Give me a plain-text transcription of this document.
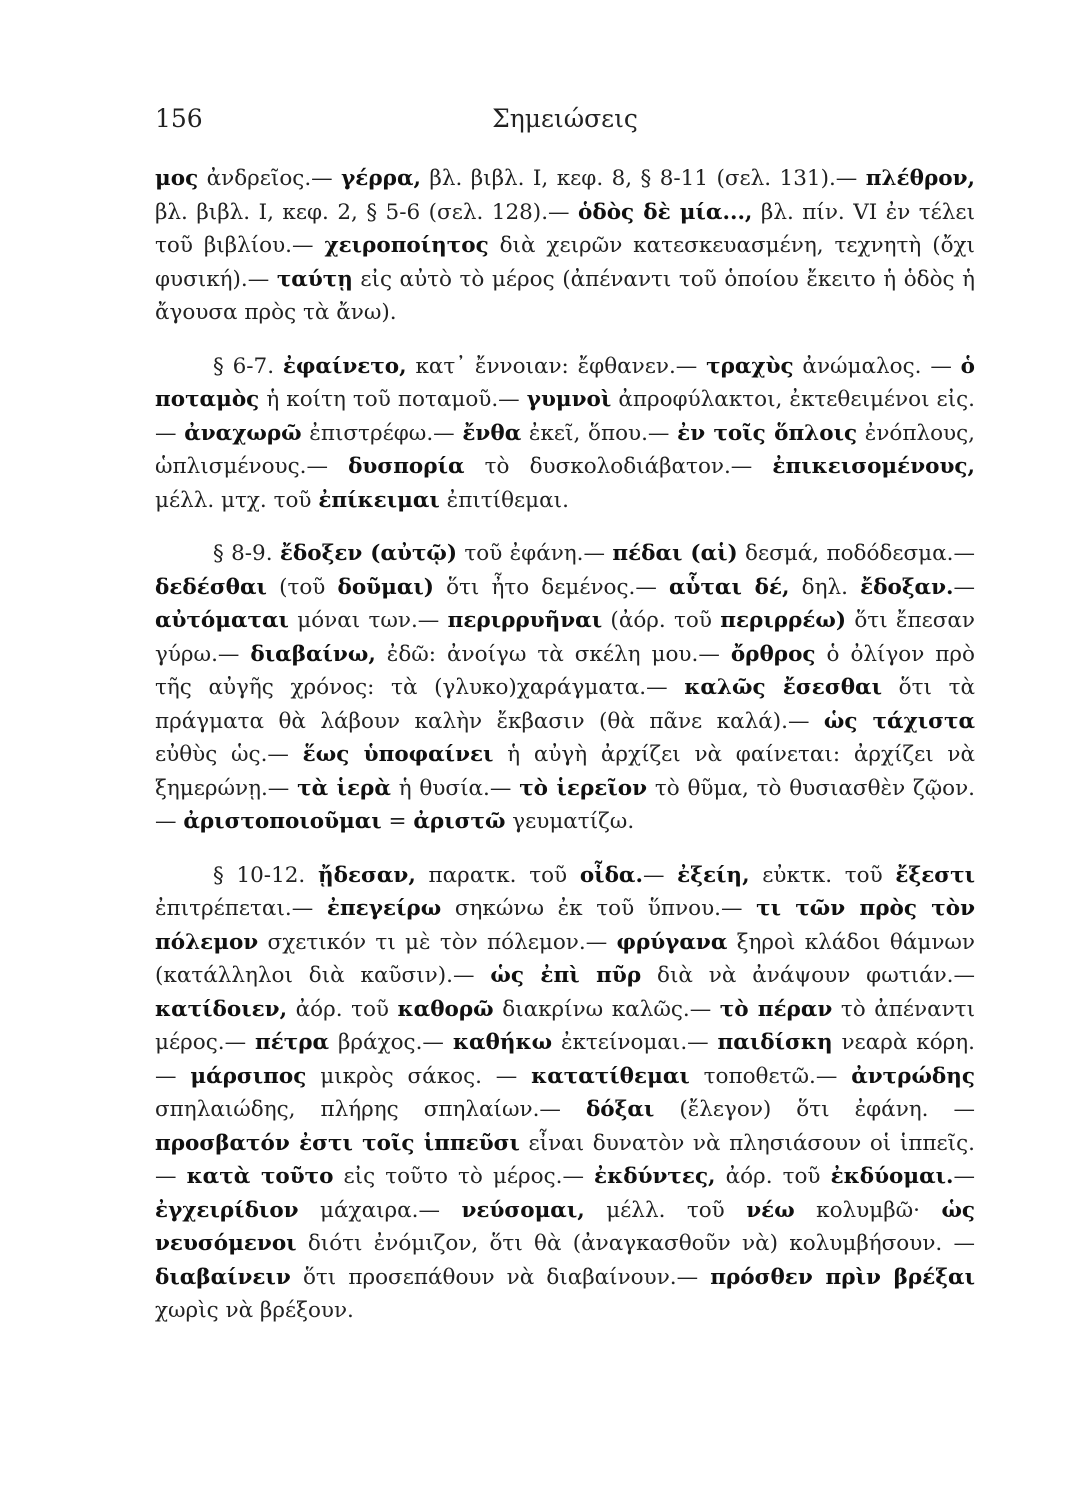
156	Σημειώσεις

μος ἀνδρεῖος.— γέρρα, βλ. βιβλ. I, κεφ. 8, § 8-11 (σελ. 131).— πλέθρον, βλ. βιβλ. I, κεφ. 2, § 5-6 (σελ. 128).— ὁδὸς δὲ μία..., βλ. πίν. VI ἐν τέλει τοῦ βιβλίου.— χειροποίητος διὰ χειρῶν κατεσκευασμένη, τεχνητὴ (ὄχι φυσική).— ταύτῃ εἰς αὐτὸ τὸ μέρος (ἀπέναντι τοῦ ὁποίου ἔκειτο ἡ ὁδὸς ἡ ἄγουσα πρὸς τὰ ἄνω).

§ 6-7. ἐφαίνετο, κατ᾽ ἔννοιαν: ἔφθανεν.— τραχὺς ἀνώμαλος. — ὁ ποταμὸς ἡ κοίτη τοῦ ποταμοῦ.— γυμνοὶ ἀπροφύλακτοι, ἐκτεθειμένοι εἰς.— ἀναχωρῶ ἐπιστρέφω.— ἔνθα ἐκεῖ, ὅπου.— ἐν τοῖς ὅπλοις ἐνόπλους, ὡπλισμένους.— δυσπορία τὸ δυσκολοδιάβατον.— ἐπικεισομένους, μέλλ. μτχ. τοῦ ἐπίκειμαι ἐπιτίθεμαι.

§ 8-9. ἔδοξεν (αὐτῷ) τοῦ ἐφάνη.— πέδαι (αἱ) δεσμά, ποδόδεσμα.— δεδέσθαι (τοῦ δοῦμαι) ὅτι ἦτο δεμένος.— αὗται δέ, δηλ. ἔδοξαν.— αὐτόμαται μόναι των.— περιρρυῆναι (ἀόρ. τοῦ περιρρέω) ὅτι ἔπεσαν γύρω.— διαβαίνω, ἐδῶ: ἀνοίγω τὰ σκέλη μου.— ὄρθρος ὁ ὀλίγον πρὸ τῆς αὐγῆς χρόνος: τὰ (γλυκο)χαράγματα.— καλῶς ἔσεσθαι ὅτι τὰ πράγματα θὰ λάβουν καλὴν ἔκβασιν (θὰ πᾶνε καλά).— ὡς τάχιστα εὐθὺς ὡς.— ἕως ὑποφαίνει ἡ αὐγὴ ἀρχίζει νὰ φαίνεται: ἀρχίζει νὰ ξημερώνῃ.— τὰ ἱερὰ ἡ θυσία.— τὸ ἱερεῖον τὸ θῦμα, τὸ θυσιασθὲν ζῷον.— ἀριστοποιοῦμαι = ἀριστῶ γευματίζω.

§ 10-12. ᾔδεσαν, παρατκ. τοῦ οἶδα.— ἐξείη, εὐκτκ. τοῦ ἔξεστι ἐπιτρέπεται.— ἐπεγείρω σηκώνω ἐκ τοῦ ὕπνου.— τι τῶν πρὸς τὸν πόλεμον σχετικόν τι μὲ τὸν πόλεμον.— φρύγανα ξηροὶ κλάδοι θάμνων (κατάλληλοι διὰ καῦσιν).— ὡς ἐπὶ πῦρ διὰ νὰ ἀνάψουν φωτιάν.— κατίδοιεν, ἀόρ. τοῦ καθορῶ διακρίνω καλῶς.— τὸ πέραν τὸ ἀπέναντι μέρος.— πέτρα βράχος.— καθήκω ἐκτείνομαι.— παιδίσκη νεαρὰ κόρη.— μάρσιπος μικρὸς σάκος. — κατατίθεμαι τοποθετῶ.— ἀντρώδης σπηλαιώδης, πλήρης σπηλαίων.— δόξαι (ἔλεγον) ὅτι ἐφάνη. — προσβατόν ἐστι τοῖς ἱππεῦσι εἶναι δυνατὸν νὰ πλησιάσουν οἱ ἱππεῖς.— κατὰ τοῦτο εἰς τοῦτο τὸ μέρος.— ἐκδύντες, ἀόρ. τοῦ ἐκδύομαι.— ἐγχειρίδιον μάχαιρα.— νεύσομαι, μέλλ. τοῦ νέω κολυμβῶ· ὡς νευσόμενοι διότι ἐνόμιζον, ὅτι θὰ (ἀναγκασθοῦν νὰ) κολυμβήσουν. — διαβαίνειν ὅτι προσεπάθουν νὰ διαβαίνουν.— πρόσθεν πρὶν βρέξαι χωρὶς νὰ βρέξουν.
